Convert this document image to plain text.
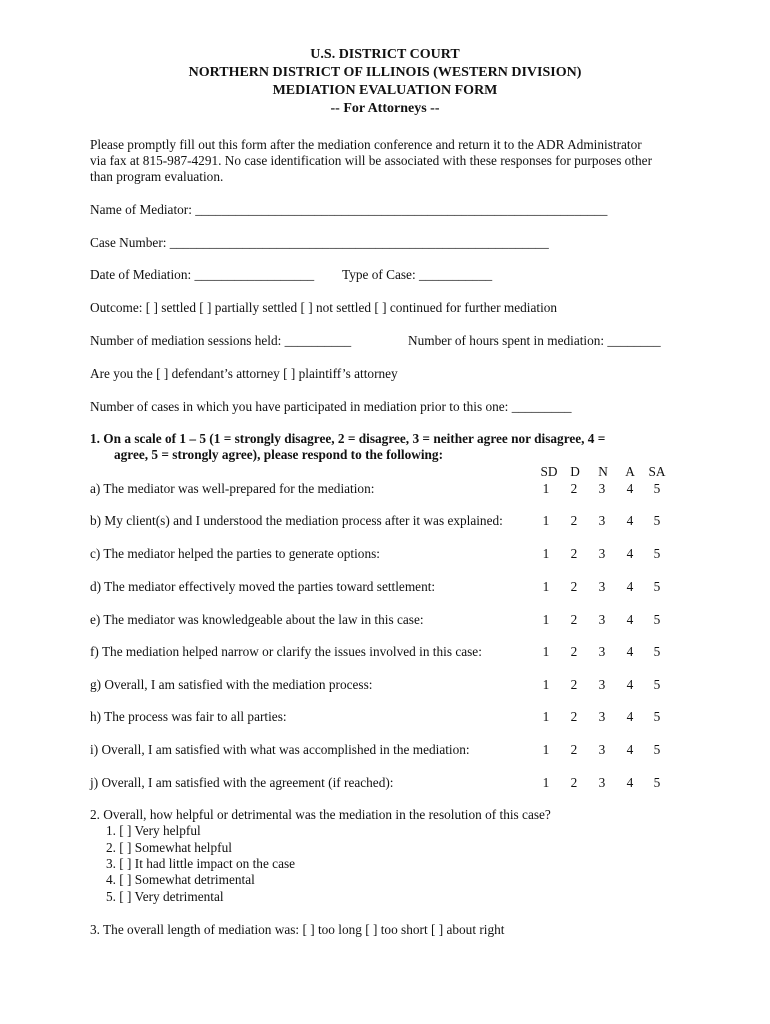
U.S. DISTRICT COURT
NORTHERN DISTRICT OF ILLINOIS (WESTERN DIVISION)
MEDIATION EVALUATION FORM
-- For Attorneys --
Please promptly fill out this form after the mediation conference and return it to the ADR Administrator
via fax at 815-987-4291. No case identification will be associated with these responses for purposes other
than program evaluation.
Name of Mediator: ______________________________________________________________
Case Number: _________________________________________________________
Date of Mediation: __________________ Type of Case: ___________
Outcome: [ ] settled [ ] partially settled [ ] not settled [ ] continued for further mediation
Number of mediation sessions held: __________	Number of hours spent in mediation: ________
Are you the [ ] defendant’s attorney [ ] plaintiff’s attorney
Number of cases in which you have participated in mediation prior to this one: _________
1. On a scale of 1 – 5 (1 = strongly disagree, 2 = disagree, 3 = neither agree nor disagree, 4 =
agree, 5 = strongly agree), please respond to the following:
SD D	N	A	SA
a) The mediator was well-prepared for the mediation:	1	2	3	4	5
b) My client(s) and I understood the mediation process after it was explained:	1	2	3	4	5
c) The mediator helped the parties to generate options:	1	2	3	4	5
d) The mediator effectively moved the parties toward settlement:	1	2	3	4	5
e) The mediator was knowledgeable about the law in this case:	1	2	3	4	5
f) The mediation helped narrow or clarify the issues involved in this case:	1	2	3	4	5
g) Overall, I am satisfied with the mediation process:	1	2	3	4	5
h) The process was fair to all parties:	1	2	3	4	5
i) Overall, I am satisfied with what was accomplished in the mediation:	1	2	3	4	5
j) Overall, I am satisfied with the agreement (if reached):	1	2	3	4	5
2. Overall, how helpful or detrimental was the mediation in the resolution of this case?
1. [ ] Very helpful
2. [ ] Somewhat helpful
3. [ ] It had little impact on the case
4. [ ] Somewhat detrimental
5. [ ] Very detrimental
3. The overall length of mediation was: [ ] too long [ ] too short [ ] about right
